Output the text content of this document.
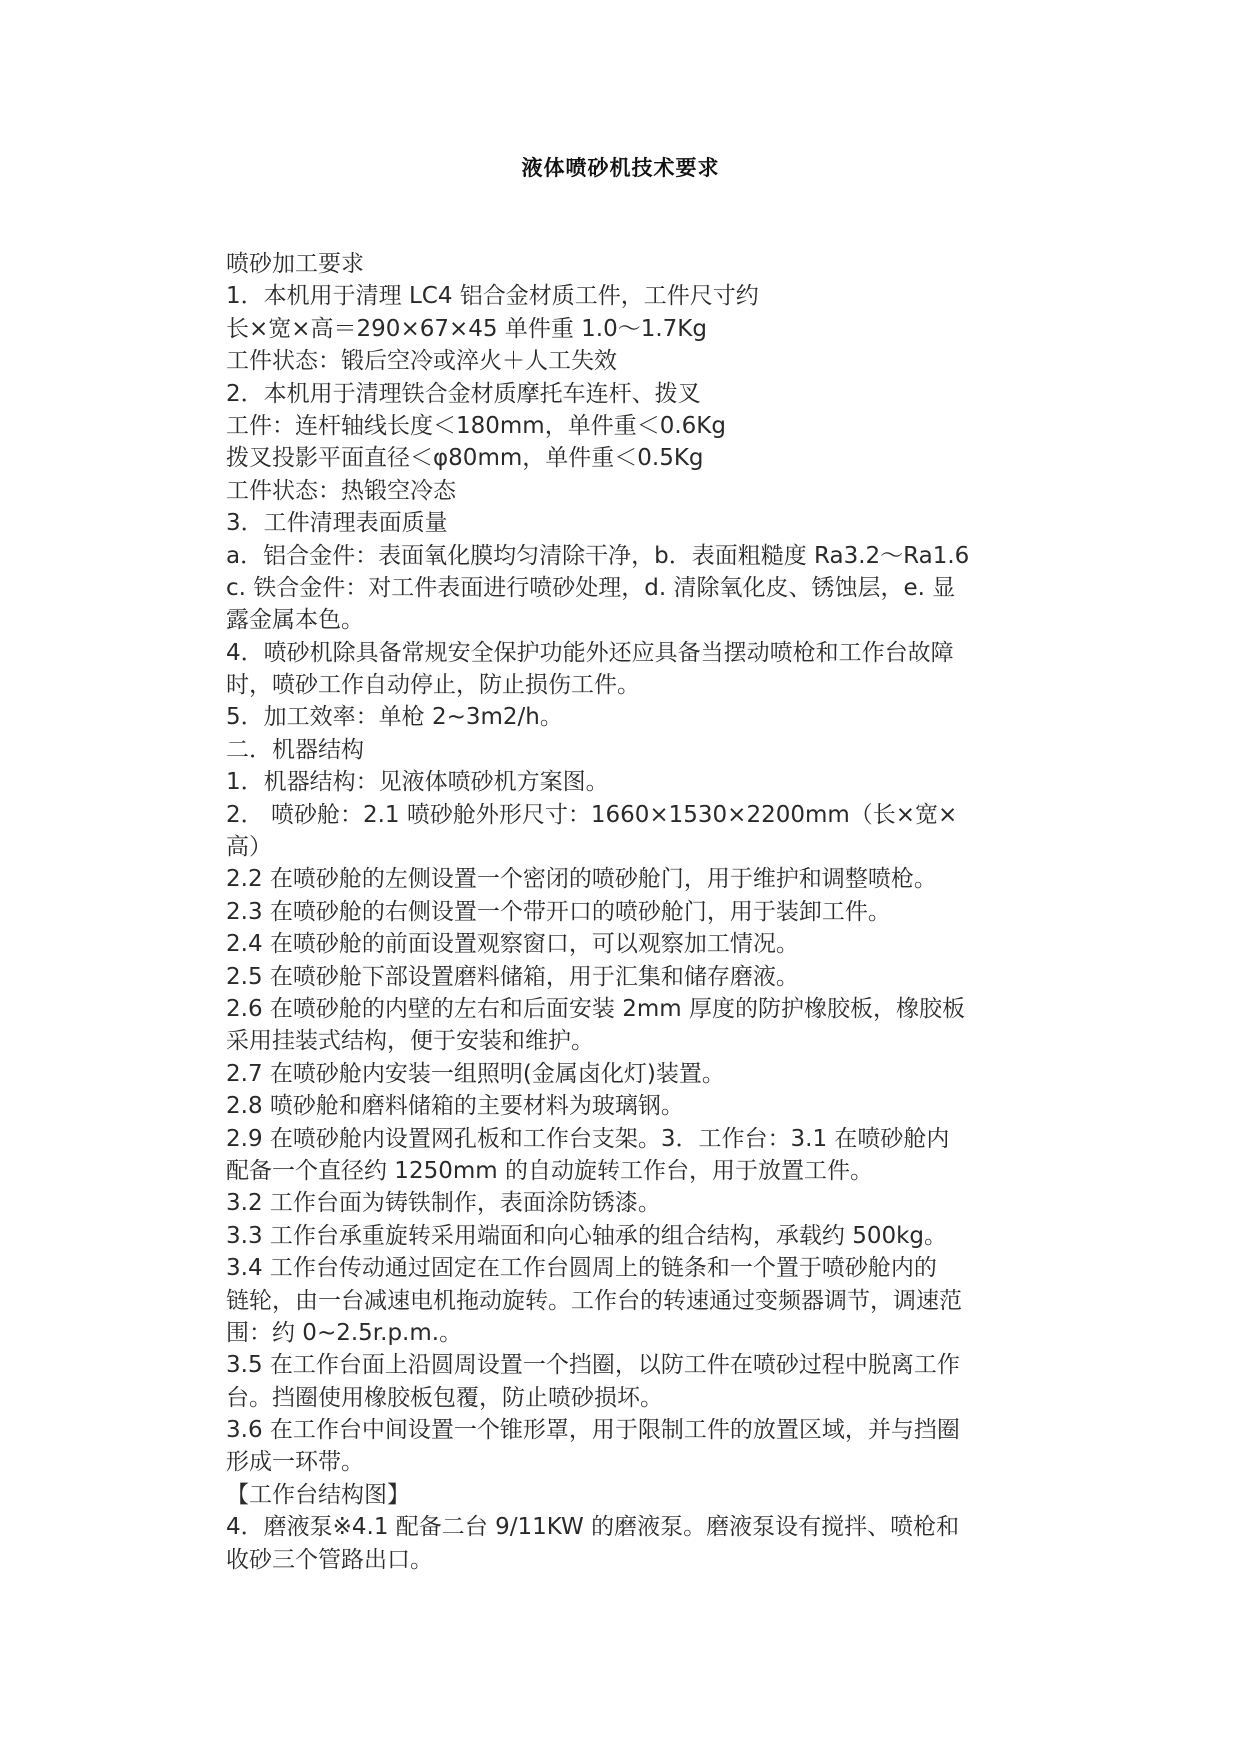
液体喷砂机技术要求
喷砂加工要求
1．本机用于清理 LC4 铝合金材质工件，工件尺寸约
长×宽×高＝290×67×45 单件重 1.0～1.7Kg
工件状态：锻后空冷或淬火＋人工失效
2．本机用于清理铁合金材质摩托车连杆、拨叉
工件：连杆轴线长度＜180mm，单件重＜0.6Kg
拨叉投影平面直径＜φ80mm，单件重＜0.5Kg
工件状态：热锻空冷态
3．工件清理表面质量
a．铝合金件：表面氧化膜均匀清除干净，b．表面粗糙度 Ra3.2～Ra1.6
c. 铁合金件：对工件表面进行喷砂处理，d. 清除氧化皮、锈蚀层，e. 显
露金属本色。
4．喷砂机除具备常规安全保护功能外还应具备当摆动喷枪和工作台故障
时，喷砂工作自动停止，防止损伤工件。
5．加工效率：单枪 2~3m2/h。
二．机器结构
1．机器结构：见液体喷砂机方案图。
2． 喷砂舱：2.1 喷砂舱外形尺寸：1660×1530×2200mm（长×宽×
高）
2.2 在喷砂舱的左侧设置一个密闭的喷砂舱门，用于维护和调整喷枪。
2.3 在喷砂舱的右侧设置一个带开口的喷砂舱门，用于装卸工件。
2.4 在喷砂舱的前面设置观察窗口，可以观察加工情况。
2.5 在喷砂舱下部设置磨料储箱，用于汇集和储存磨液。
2.6 在喷砂舱的内壁的左右和后面安装 2mm 厚度的防护橡胶板，橡胶板
采用挂装式结构，便于安装和维护。
2.7 在喷砂舱内安装一组照明(金属卤化灯)装置。
2.8 喷砂舱和磨料储箱的主要材料为玻璃钢。
2.9 在喷砂舱内设置网孔板和工作台支架。3．工作台：3.1 在喷砂舱内
配备一个直径约 1250mm 的自动旋转工作台，用于放置工件。
3.2 工作台面为铸铁制作，表面涂防锈漆。
3.3 工作台承重旋转采用端面和向心轴承的组合结构，承载约 500kg。
3.4 工作台传动通过固定在工作台圆周上的链条和一个置于喷砂舱内的
链轮，由一台减速电机拖动旋转。工作台的转速通过变频器调节，调速范
围：约 0~2.5r.p.m.。
3.5 在工作台面上沿圆周设置一个挡圈，以防工件在喷砂过程中脱离工作
台。挡圈使用橡胶板包覆，防止喷砂损坏。
3.6 在工作台中间设置一个锥形罩，用于限制工件的放置区域，并与挡圈
形成一环带。
【工作台结构图】
4．磨液泵※4.1 配备二台 9/11KW 的磨液泵。磨液泵设有搅拌、喷枪和
收砂三个管路出口。
